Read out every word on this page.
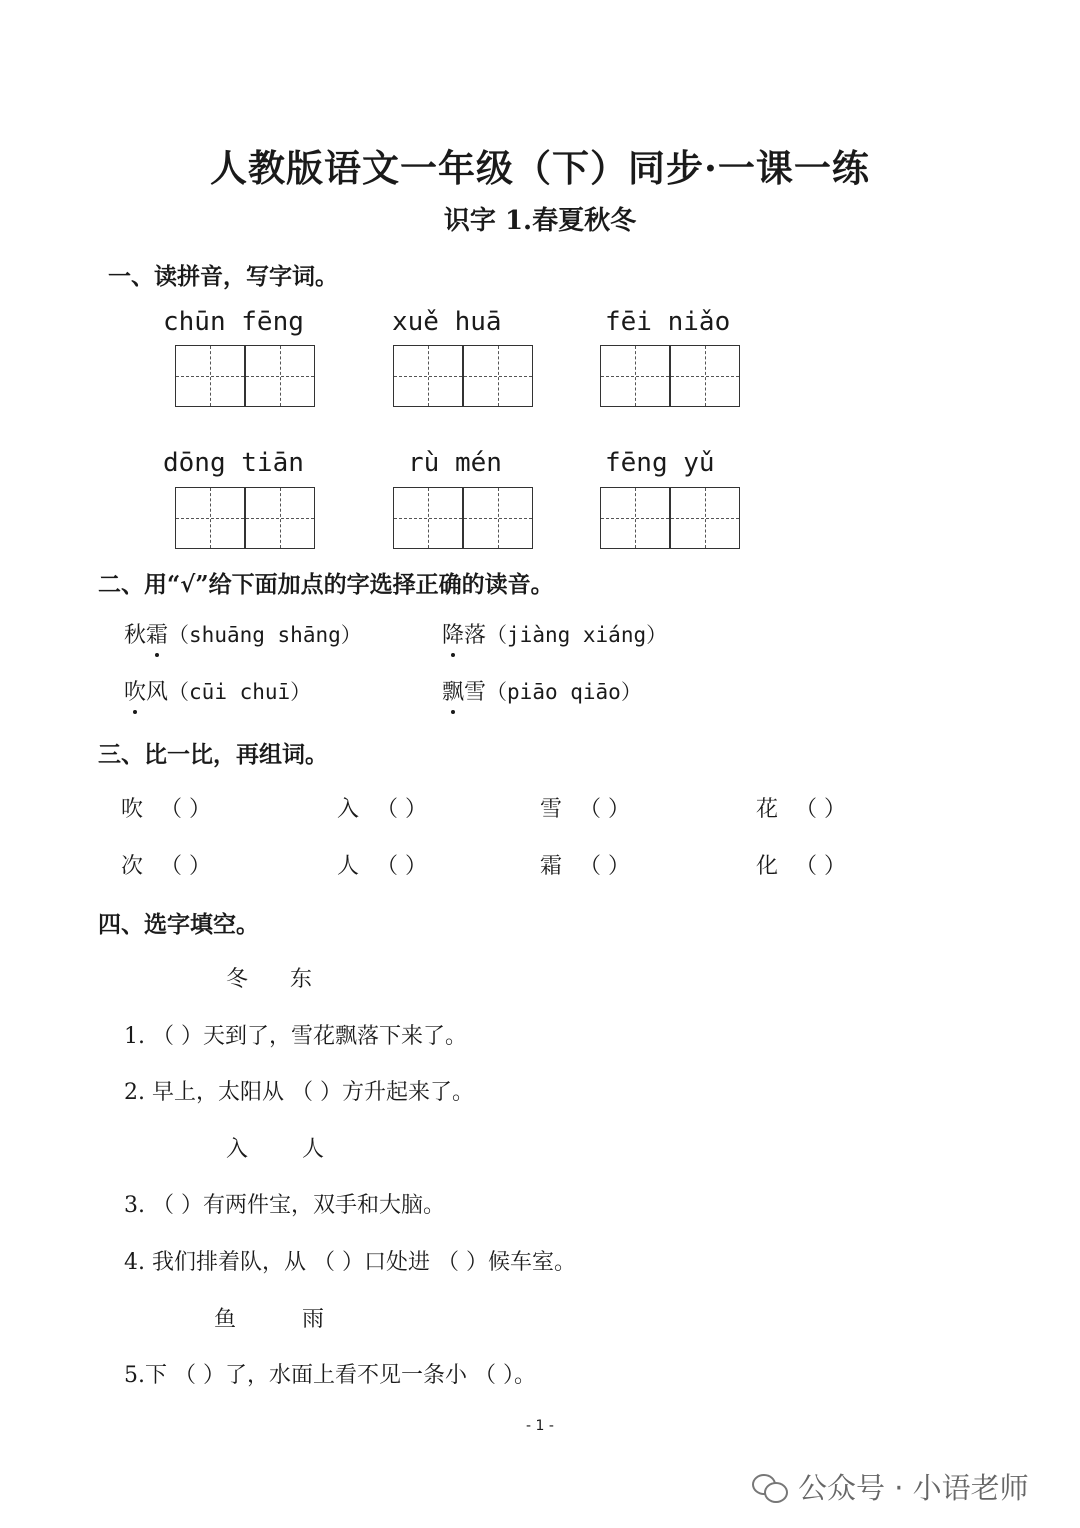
人教版语文一年级（下）同步·一课一练
识字 1.春夏秋冬
一、读拼音，写字词。
chūn fēng	xuě huā	fēi niǎo
dōng tiān	rù mén	fēng yǔ
二、用“√”给下面加点的字选择正确的读音。
秋霜（shuāng shāng）	降落（jiàng xiáng）
吹风（cūi chuī）	飘雪（piāo qiāo）
三、比一比，再组词。
吹 （ ）	入 （ ）	雪 （ ）	花 （ ）
次 （ ）	人 （ ）	霜 （ ）	化 （ ）
四、选字填空。
冬 东
1. （ ）天到了，雪花飘落下来了。
2. 早上，太阳从 （ ）方升起来了。
入 人
3. （ ）有两件宝，双手和大脑。
4. 我们排着队，从 （ ）口处进 （ ）候车室。
鱼	雨
5.下 （ ）了，水面上看不见一条小 （ ）。
- 1 -
公众号 · 小语老师
